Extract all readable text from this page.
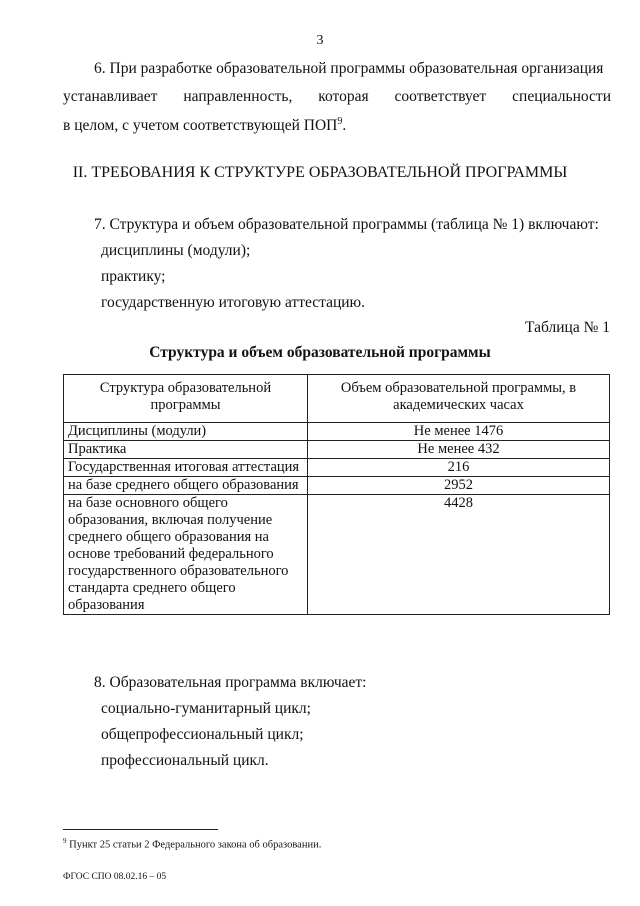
3
6. При разработке образовательной программы образовательная организация
устанавливает направленность, которая соответствует специальности
в целом, с учетом соответствующей ПОП$^9$.
II. ТРЕБОВАНИЯ К СТРУКТУРЕ ОБРАЗОВАТЕЛЬНОЙ ПРОГРАММЫ
7. Структура и объем образовательной программы (таблица № 1) включают:
дисциплины (модули);
практику;
государственную итоговую аттестацию.
Таблица № 1
Структура и объем образовательной программы
Структура образовательной программы	Объем образовательной программы, в академических часах
Дисциплины (модули)	Не менее 1476
Практика	Не менее 432
Государственная итоговая аттестация	216
на базе среднего общего образования	2952
на базе основного общего образования, включая получение среднего общего образования на основе требований федерального государственного образовательного стандарта среднего общего образования	4428
8. Образовательная программа включает:
социально-гуманитарный цикл;
общепрофессиональный цикл;
профессиональный цикл.
$^9$ Пункт 25 статьи 2 Федерального закона об образовании.
ФГОС СПО 08.02.16 – 05
